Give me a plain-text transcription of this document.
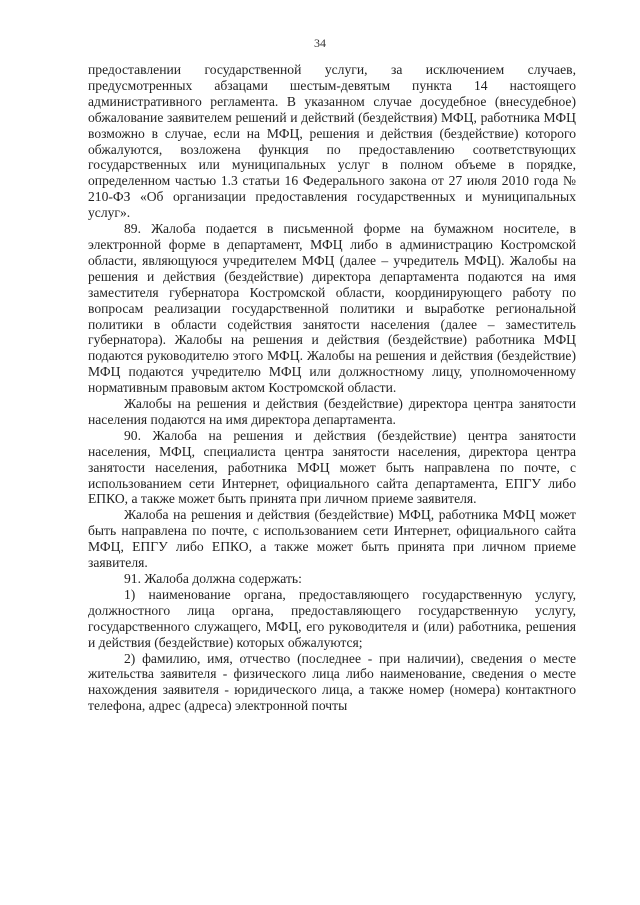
34

предоставлении государственной услуги, за исключением случаев, предусмотренных абзацами шестым-девятым пункта 14 настоящего административного регламента. В указанном случае досудебное (внесудебное) обжалование заявителем решений и действий (бездействия) МФЦ, работника МФЦ возможно в случае, если на МФЦ, решения и действия (бездействие) которого обжалуются, возложена функция по предоставлению соответствующих государственных или муниципальных услуг в полном объеме в порядке, определенном частью 1.3 статьи 16 Федерального закона от 27 июля 2010 года № 210-ФЗ «Об организации предоставления государственных и муниципальных услуг».

89. Жалоба подается в письменной форме на бумажном носителе, в электронной форме в департамент, МФЦ либо в администрацию Костромской области, являющуюся учредителем МФЦ (далее – учредитель МФЦ). Жалобы на решения и действия (бездействие) директора департамента подаются на имя заместителя губернатора Костромской области, координирующего работу по вопросам реализации государственной политики и выработке региональной политики в области содействия занятости населения (далее – заместитель губернатора). Жалобы на решения и действия (бездействие) работника МФЦ подаются руководителю этого МФЦ. Жалобы на решения и действия (бездействие) МФЦ подаются учредителю МФЦ или должностному лицу, уполномоченному нормативным правовым актом Костромской области.

Жалобы на решения и действия (бездействие) директора центра занятости населения подаются на имя директора департамента.

90. Жалоба на решения и действия (бездействие) центра занятости населения, МФЦ, специалиста центра занятости населения, директора центра занятости населения, работника МФЦ может быть направлена по почте, с использованием сети Интернет, официального сайта департамента, ЕПГУ либо ЕПКО, а также может быть принята при личном приеме заявителя.

Жалоба на решения и действия (бездействие) МФЦ, работника МФЦ может быть направлена по почте, с использованием сети Интернет, официального сайта МФЦ, ЕПГУ либо ЕПКО, а также может быть принята при личном приеме заявителя.

91. Жалоба должна содержать:

1) наименование органа, предоставляющего государственную услугу, должностного лица органа, предоставляющего государственную услугу, государственного служащего, МФЦ, его руководителя и (или) работника, решения и действия (бездействие) которых обжалуются;

2) фамилию, имя, отчество (последнее - при наличии), сведения о месте жительства заявителя - физического лица либо наименование, сведения о месте нахождения заявителя - юридического лица, а также номер (номера) контактного телефона, адрес (адреса) электронной почты
